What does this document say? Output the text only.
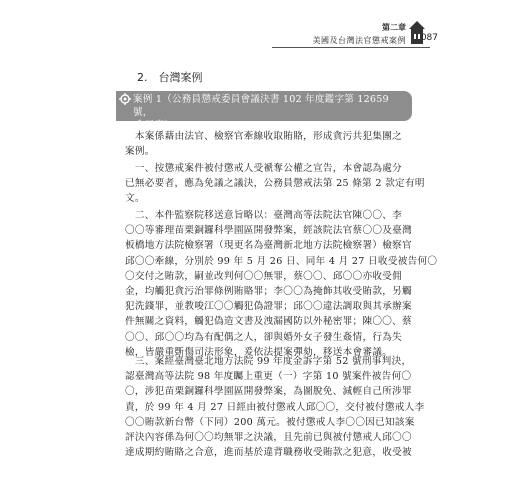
第二章
美國及台灣法官懲戒案例 087
2.　台灣案例
案例 1（公務員懲戒委員會議決書 102 年度鑑字第 12659 號，
貪污案）
　本案係藉由法官、檢察官牽線收取賄賂，形成貪污共犯集團之
案例。
　一、按懲戒案件被付懲戒人受褫奪公權之宣告，本會認為處分
已無必要者，應為免議之議決，公務員懲戒法第 25 條第 2 款定有明
文。
　二、本件監察院移送意旨略以：臺灣高等法院法官陳〇〇、李
〇〇等審理苗栗銅鑼科學園區開發弊案，經該院法官蔡〇〇及臺灣
板橋地方法院檢察署（現更名為臺灣新北地方法院檢察署）檢察官
邱〇〇牽線，分別於 99 年 5 月 26 日、同年 4 月 27 日收受被告何〇
〇交付之賄款，嗣並改判何〇〇無罪，蔡〇〇、邱〇〇亦收受佣
金，均觸犯貪污治罪條例賄賂罪；李〇〇為掩飾其收受賄款，另觸
犯洗錢罪，並教唆江〇〇觸犯偽證罪；邱〇〇違法調取與其承辦案
件無關之資料，觸犯偽造文書及洩漏國防以外秘密罪；陳〇〇、蔡
〇〇、邱〇〇均為有配偶之人，卻與婚外女子發生姦情，行為失
檢，皆嚴重斲傷司法形象，爰依法提案彈劾，移送本會審議。
　三、案經臺灣臺北地方法院 99 年度金訴字第 52 號刑事判決，
認臺灣高等法院 98 年度矚上重更（一）字第 10 號案件被告何〇
〇，涉犯苗栗銅鑼科學園區開發弊案，為圖脫免、減輕自己所涉罪
責，於 99 年 4 月 27 日經由被付懲戒人邱〇〇，交付被付懲戒人李
〇〇賄款新台幣（下同）200 萬元。被付懲戒人李〇〇因已知該案
評決內容係為何〇〇均無罪之決議，且先前已與被付懲戒人邱〇〇
達成期約賄賂之合意，進而基於違背職務收受賄款之犯意，收受被
